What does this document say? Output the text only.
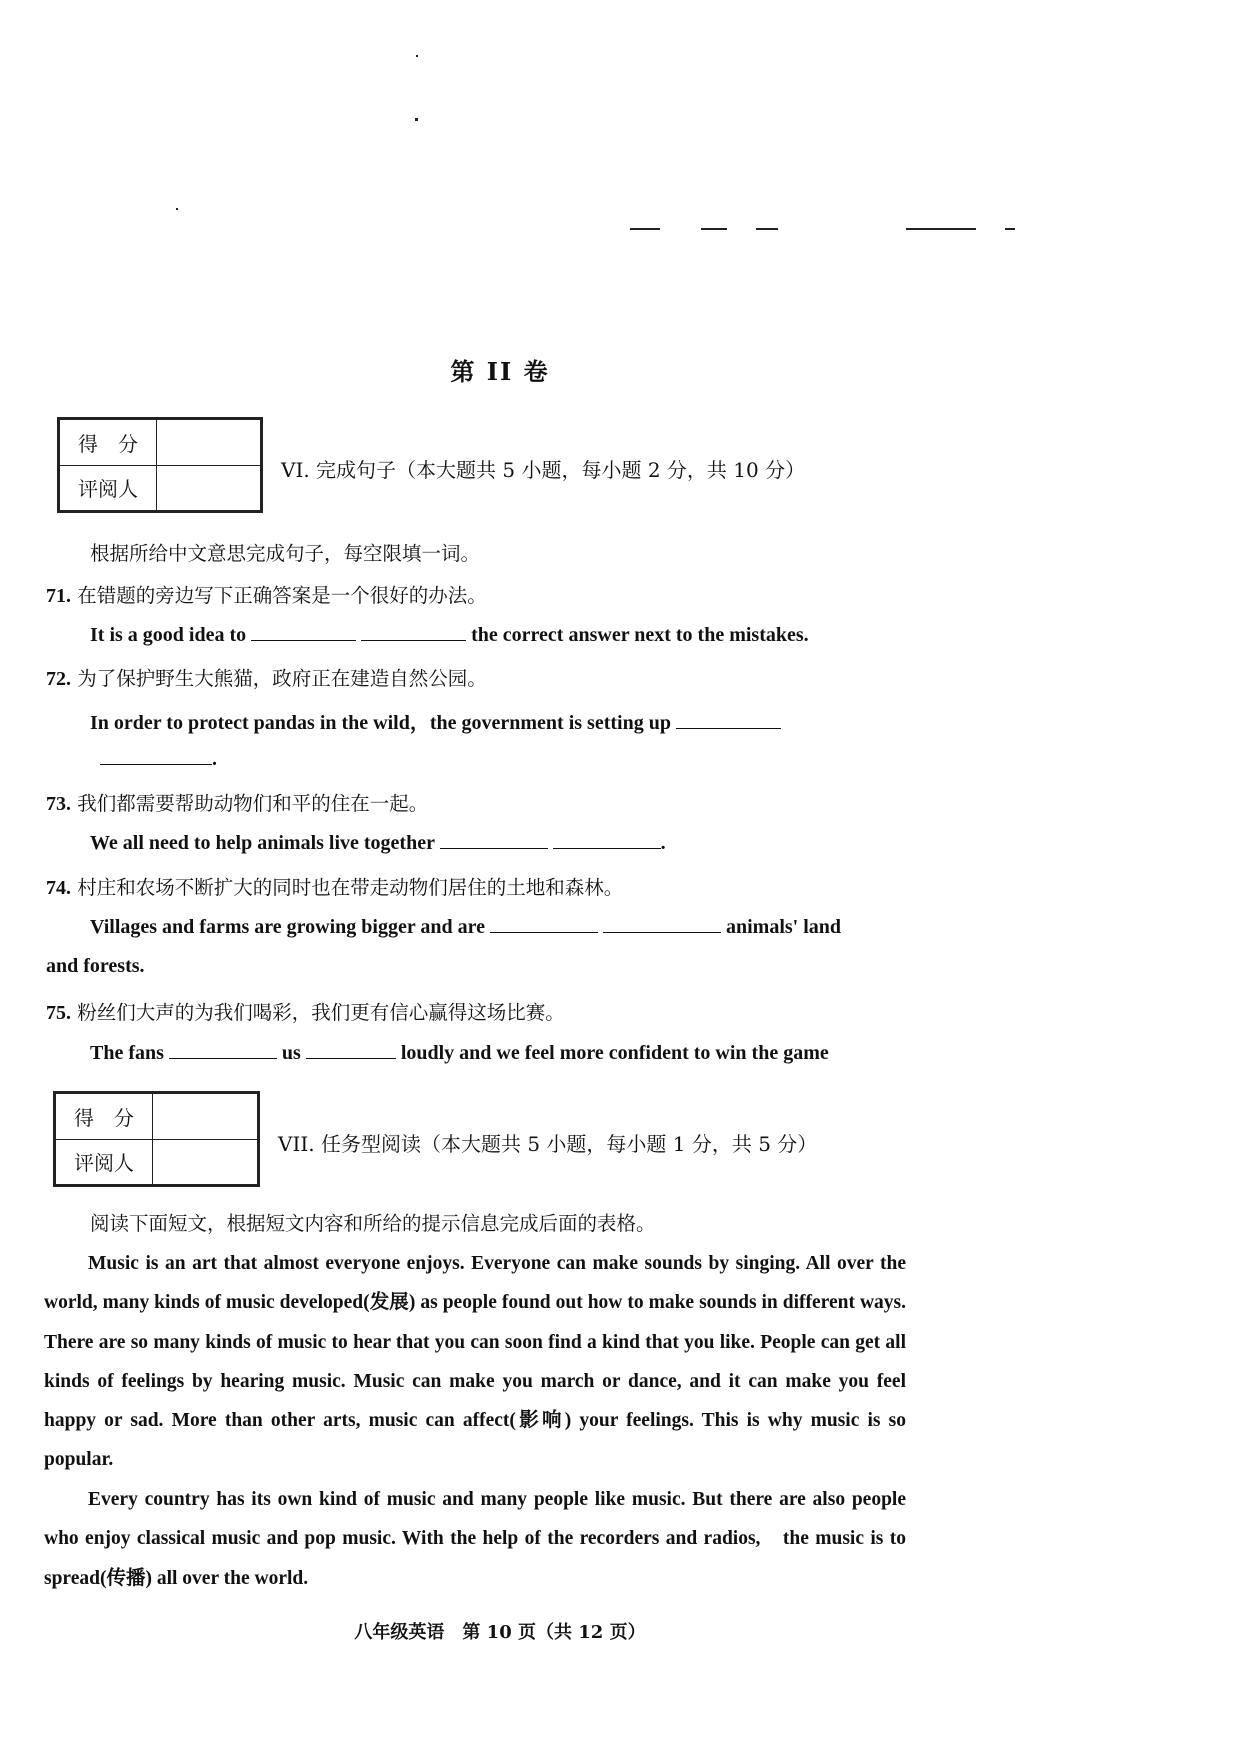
第 II 卷
得　分	
评阅人	
VI. 完成句子（本大题共 5 小题，每小题 2 分，共 10 分）
根据所给中文意思完成句子，每空限填一词。
71. 在错题的旁边写下正确答案是一个很好的办法。
It is a good idea to	the correct answer next to the mistakes.
72. 为了保护野生大熊猫，政府正在建造自然公园。
In order to protect pandas in the wild，the government is setting up
.
73. 我们都需要帮助动物们和平的住在一起。
We all need to help animals live together	.
74. 村庄和农场不断扩大的同时也在带走动物们居住的土地和森林。
Villages and farms are growing bigger and are	animals' land
and forests.
75. 粉丝们大声的为我们喝彩，我们更有信心赢得这场比赛。
The fans	us	loudly and we feel more confident to win the game
得　分	
评阅人	
VII. 任务型阅读（本大题共 5 小题，每小题 1 分，共 5 分）
阅读下面短文，根据短文内容和所给的提示信息完成后面的表格。
Music is an art that almost everyone enjoys. Everyone can make sounds by singing. All over the world, many kinds of music developed(发展) as people found out how to make sounds in different ways. There are so many kinds of music to hear that you can soon find a kind that you like. People can get all kinds of feelings by hearing music. Music can make you march or dance, and it can make you feel happy or sad. More than other arts, music can affect(影响) your feelings. This is why music is so popular.
Every country has its own kind of music and many people like music. But there are also people who enjoy classical music and pop music. With the help of the recorders and radios,　the music is to spread(传播) all over the world.
八年级英语　第 10 页（共 12 页）
